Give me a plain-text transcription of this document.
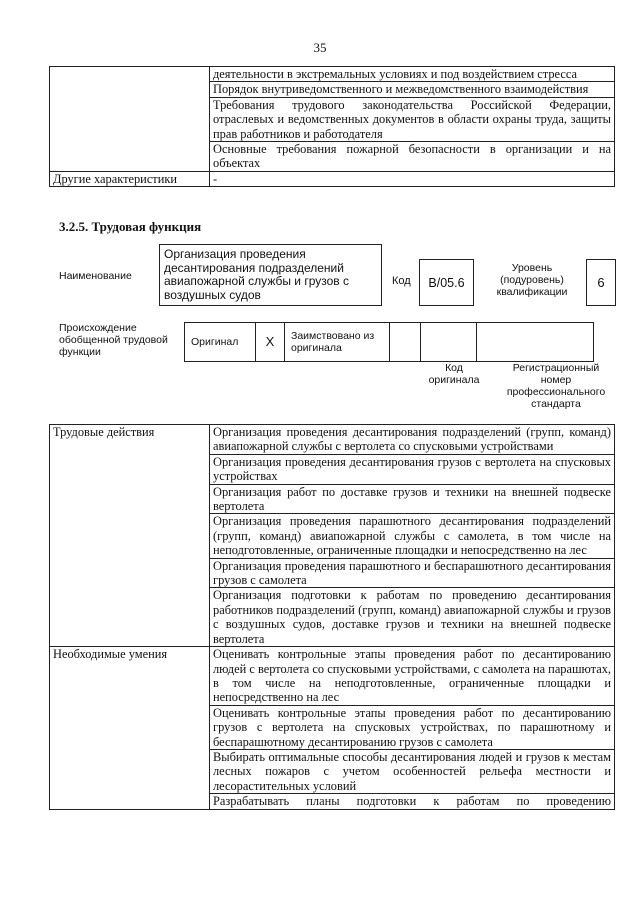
35
	деятельности в экстремальных условиях и под воздействием стресса
	Порядок внутриведомственного и межведомственного взаимодействия
	Требования трудового законодательства Российской Федерации, отраслевых и ведомственных документов в области охраны труда, защиты прав работников и работодателя
	Основные требования пожарной безопасности в организации и на объектах
Другие характеристики	-
3.2.5. Трудовая функция
Наименование
Организация проведения десантирования подразделений авиапожарной службы и грузов с воздушных судов
Код	B/05.6
Уровень (подуровень) квалификации
6
Происхождение обобщенной трудовой функции
Оригинал	X	Заимствовано из оригинала			
Код оригинала
Регистрационный номер профессионального стандарта
Трудовые действия	Организация проведения десантирования подразделений (групп, команд) авиапожарной службы с вертолета со спусковыми устройствами
	Организация проведения десантирования грузов с вертолета на спусковых устройствах
	Организация работ по доставке грузов и техники на внешней подвеске вертолета
	Организация проведения парашютного десантирования подразделений (групп, команд) авиапожарной службы с самолета, в том числе на неподготовленные, ограниченные площадки и непосредственно на лес
	Организация проведения парашютного и беспарашютного десантирования грузов с самолета
	Организация подготовки к работам по проведению десантирования работников подразделений (групп, команд) авиапожарной службы и грузов с воздушных судов, доставке грузов и техники на внешней подвеске вертолета
Необходимые умения	Оценивать контрольные этапы проведения работ по десантированию людей с вертолета со спусковыми устройствами, с самолета на парашютах, в том числе на неподготовленные, ограниченные площадки и непосредственно на лес
	Оценивать контрольные этапы проведения работ по десантированию грузов с вертолета на спусковых устройствах, по парашютному и беспарашютному десантированию грузов с самолета
	Выбирать оптимальные способы десантирования людей и грузов к местам лесных пожаров с учетом особенностей рельефа местности и лесорастительных условий
	Разрабатывать планы подготовки к работам по проведению
